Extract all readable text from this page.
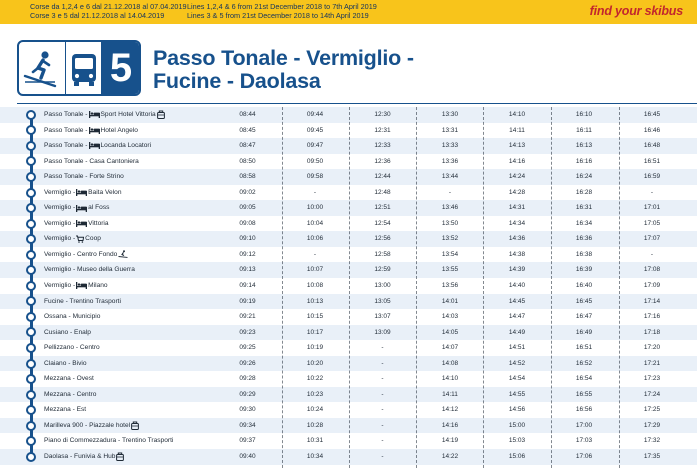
Corse da 1,2,4 e 6 dal 21.12.2018 al 07.04.2019
Corse 3 e 5 dal 21.12.2018 al 14.04.2019
Lines 1,2,4 & 6 from 21st December 2018 to 7th April 2019
Lines 3 & 5 from 21st December 2018 to 14th April 2019	find your skibus
5 Passo Tonale - Vermiglio -
Fucine - Daolasa
Passo Tonale -Sport Hotel Vittoria	08:44	09:44	12:30	13:30	14:10	16:10	16:45
Passo Tonale -Hotel Angelo	08:45	09:45	12:31	13:31	14:11	16:11	16:46
Passo Tonale -Locanda Locatori	08:47	09:47	12:33	13:33	14:13	16:13	16:48
Passo Tonale - Casa Cantoniera	08:50	09:50	12:36	13:36	14:16	16:16	16:51
Passo Tonale - Forte Strino	08:58	09:58	12:44	13:44	14:24	16:24	16:59
Vermiglio -Baita Velon	09:02	-	12:48	-	14:28	16:28	-
Vermiglio -al Foss	09:05	10:00	12:51	13:46	14:31	16:31	17:01
Vermiglio -Vittoria	09:08	10:04	12:54	13:50	14:34	16:34	17:05
Vermiglio -Coop	09:10	10:06	12:56	13:52	14:36	16:36	17:07
Vermiglio - Centro Fondo	09:12	-	12:58	13:54	14:38	16:38	-
Vermiglio - Museo della Guerra	09:13	10:07	12:59	13:55	14:39	16:39	17:08
Vermiglio -Milano	09:14	10:08	13:00	13:56	14:40	16:40	17:09
Fucine - Trentino Trasporti	09:19	10:13	13:05	14:01	14:45	16:45	17:14
Ossana - Municipio	09:21	10:15	13:07	14:03	14:47	16:47	17:16
Cusiano - Enalp	09:23	10:17	13:09	14:05	14:49	16:49	17:18
Pellizzano - Centro	09:25	10:19	-	14:07	14:51	16:51	17:20
Claiano - Bivio	09:26	10:20	-	14:08	14:52	16:52	17:21
Mezzana - Ovest	09:28	10:22	-	14:10	14:54	16:54	17:23
Mezzana - Centro	09:29	10:23	-	14:11	14:55	16:55	17:24
Mezzana - Est	09:30	10:24	-	14:12	14:56	16:56	17:25
Marilleva 900 - Piazzale hotel	09:34	10:28	-	14:16	15:00	17:00	17:29
Piano di Commezzadura - Trentino Trasporti	09:37	10:31	-	14:19	15:03	17:03	17:32
Daolasa - Funivia & Hub	09:40	10:34	-	14:22	15:06	17:06	17:35
